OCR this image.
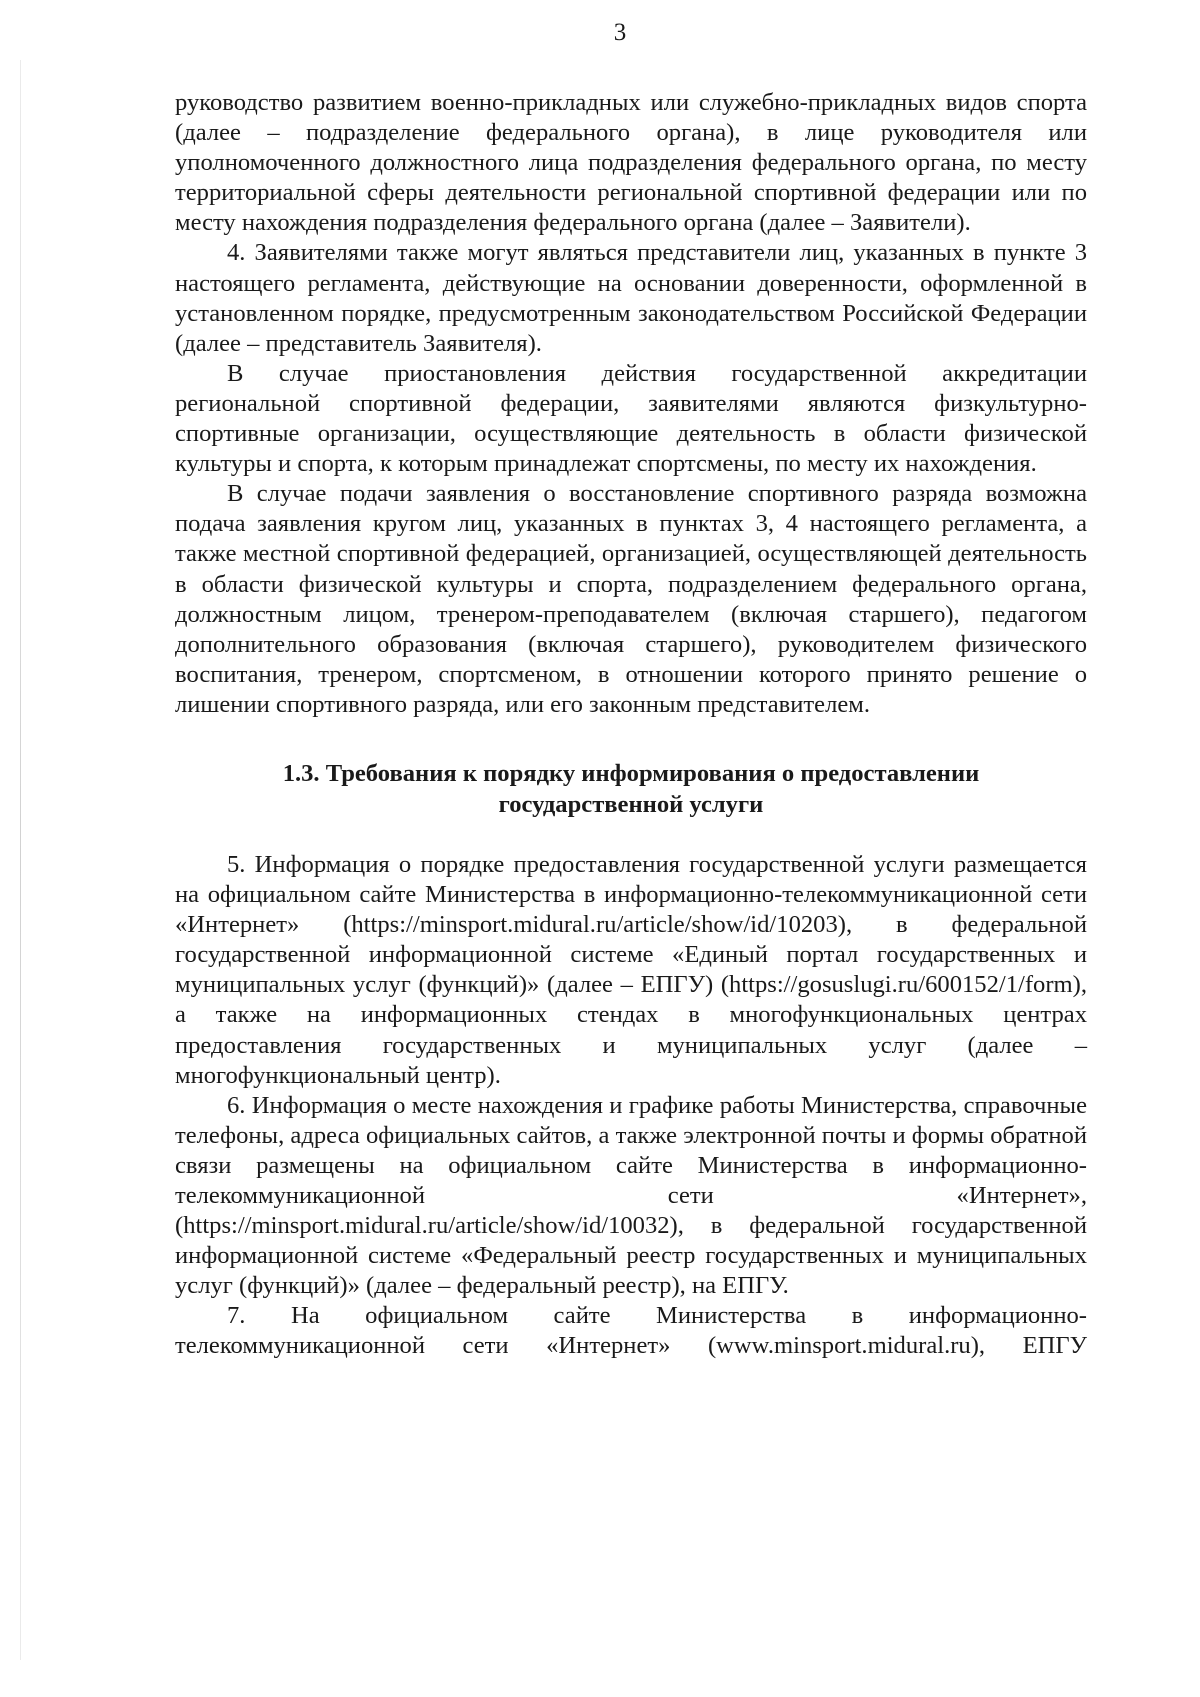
3

руководство развитием военно-прикладных или служебно-прикладных видов спорта (далее – подразделение федерального органа), в лице руководителя или уполномоченного должностного лица подразделения федерального органа, по месту территориальной сферы деятельности региональной спортивной федерации или по месту нахождения подразделения федерального органа (далее – Заявители).

4. Заявителями также могут являться представители лиц, указанных в пункте 3 настоящего регламента, действующие на основании доверенности, оформленной в установленном порядке, предусмотренным законодательством Российской Федерации (далее – представитель Заявителя).

В случае приостановления действия государственной аккредитации региональной спортивной федерации, заявителями являются физкультурно-спортивные организации, осуществляющие деятельность в области физической культуры и спорта, к которым принадлежат спортсмены, по месту их нахождения.

В случае подачи заявления о восстановление спортивного разряда возможна подача заявления кругом лиц, указанных в пунктах 3, 4 настоящего регламента, а также местной спортивной федерацией, организацией, осуществляющей деятельность в области физической культуры и спорта, подразделением федерального органа, должностным лицом, тренером-преподавателем (включая старшего), педагогом дополнительного образования (включая старшего), руководителем физического воспитания, тренером, спортсменом, в отношении которого принято решение о лишении спортивного разряда, или его законным представителем.

1.3. Требования к порядку информирования о предоставлении

государственной услуги

5. Информация о порядке предоставления государственной услуги размещается на официальном сайте Министерства в информационно-телекоммуникационной сети «Интернет» (https://minsport.midural.ru/article/show/id/10203), в федеральной государственной информационной системе «Единый портал государственных и муниципальных услуг (функций)» (далее – ЕПГУ) (https://gosuslugi.ru/600152/1/form), а также на информационных стендах в многофункциональных центрах предоставления государственных и муниципальных услуг (далее – многофункциональный центр).

6. Информация о месте нахождения и графике работы Министерства, справочные телефоны, адреса официальных сайтов, а также электронной почты и формы обратной связи размещены на официальном сайте Министерства в информационно-телекоммуникационной сети «Интернет», (https://minsport.midural.ru/article/show/id/10032), в федеральной государственной информационной системе «Федеральный реестр государственных и муниципальных услуг (функций)» (далее – федеральный реестр), на ЕПГУ.

7. На официальном сайте Министерства в информационно-телекоммуникационной сети «Интернет» (www.minsport.midural.ru), ЕПГУ
